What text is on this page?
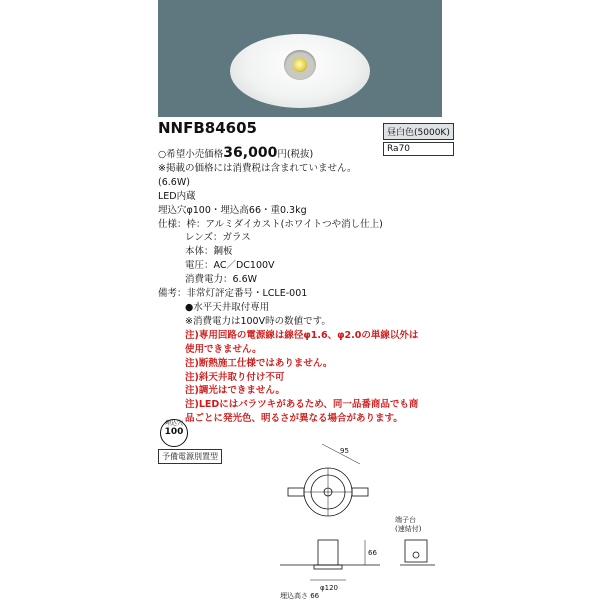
NNFB84605	昼白色(5000K)
Ra70
○希望小売価格36,000円(税抜)
※掲載の価格には消費税は含まれていません。
(6.6W)
LED内蔵
埋込穴φ100・埋込高66・重0.3kg
仕様：枠：アルミダイカスト(ホワイトつや消し仕上)
レンズ：ガラス
本体：鋼板
電圧：AC／DC100V
消費電力：6.6W
備考：非常灯評定番号・LCLE-001
●水平天井取付専用
※消費電力は100V時の数値です。
注)専用回路の電源線は線径φ1.6、φ2.0の単線以外は
使用できません。
注)断熱施工仕様ではありません。
注)斜天井取り付け不可
注)調光はできません。
注)LEDにはバラツキがあるため、同一品番商品でも商
品ごとに発光色、明るさが異なる場合があります。
埋込穴
100
予備電源別置型
95
φ120
66
端子台
(速結付)
埋込高さ 66
